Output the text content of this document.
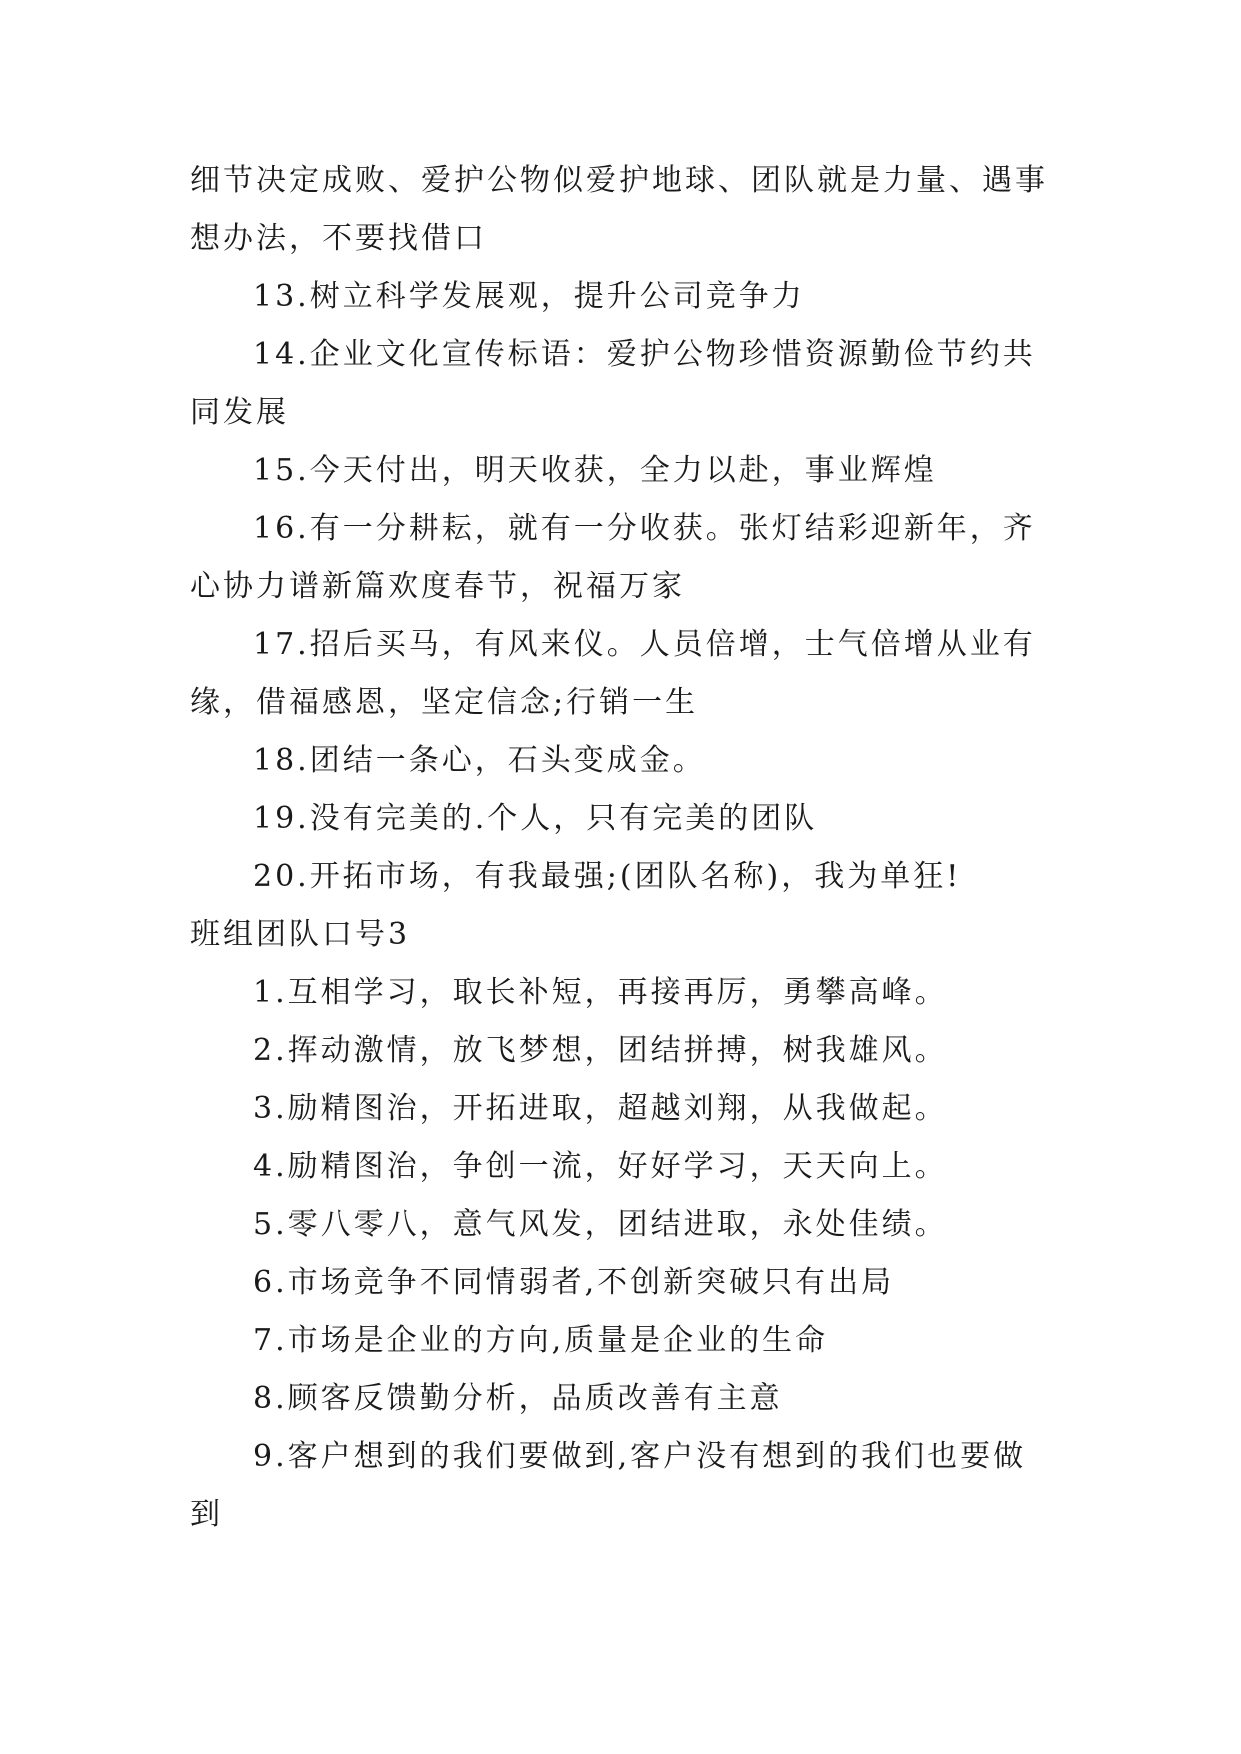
细节决定成败、爱护公物似爱护地球、团队就是力量、遇事
想办法，不要找借口
13.树立科学发展观，提升公司竞争力
14.企业文化宣传标语：爱护公物珍惜资源勤俭节约共
同发展
15.今天付出，明天收获，全力以赴，事业辉煌
16.有一分耕耘，就有一分收获。张灯结彩迎新年，齐
心协力谱新篇欢度春节，祝福万家
17.招后买马，有风来仪。人员倍增，士气倍增从业有
缘，借福感恩，坚定信念;行销一生
18.团结一条心，石头变成金。
19.没有完美的.个人，只有完美的团队
20.开拓市场，有我最强;(团队名称)，我为单狂!
班组团队口号3
1.互相学习，取长补短，再接再厉，勇攀高峰。
2.挥动激情，放飞梦想，团结拼搏，树我雄风。
3.励精图治，开拓进取，超越刘翔，从我做起。
4.励精图治，争创一流，好好学习，天天向上。
5.零八零八，意气风发，团结进取，永处佳绩。
6.市场竞争不同情弱者,不创新突破只有出局
7.市场是企业的方向,质量是企业的生命
8.顾客反馈勤分析，品质改善有主意
9.客户想到的我们要做到,客户没有想到的我们也要做
到
